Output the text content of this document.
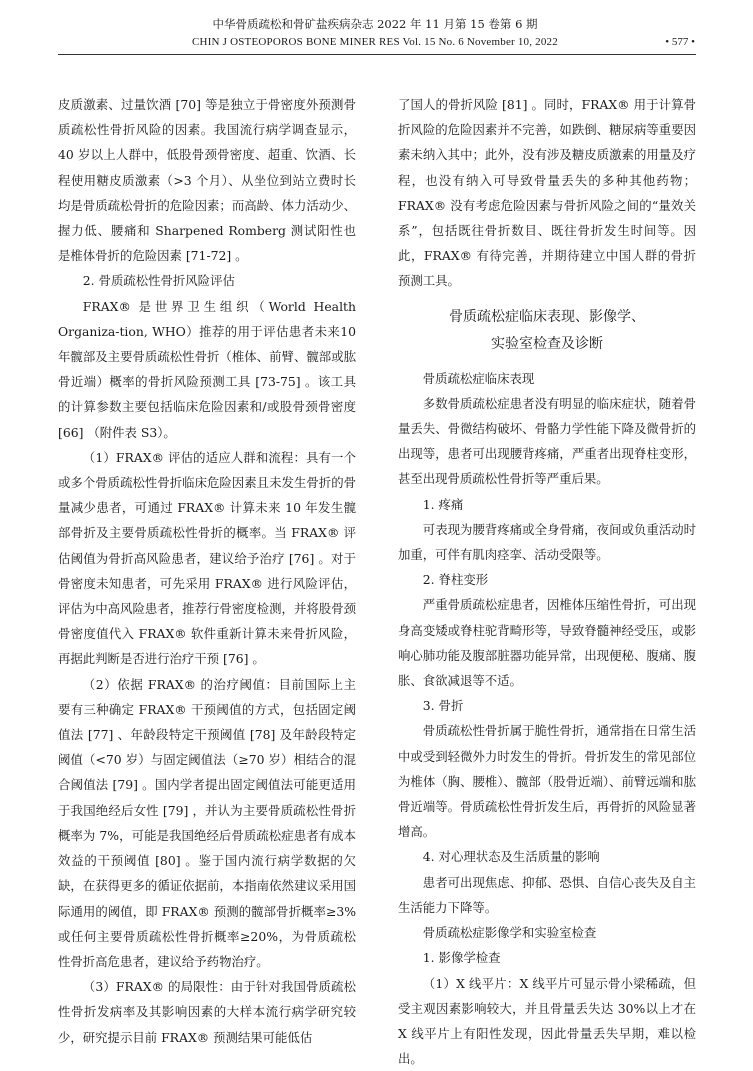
中华骨质疏松和骨矿盐疾病杂志 2022 年 11 月第 15 卷第 6 期
CHIN J OSTEOPOROS BONE MINER RES Vol. 15 No. 6 November 10, 2022	• 577 •

皮质激素、过量饮酒 [70] 等是独立于骨密度外预测骨质疏松性骨折风险的因素。我国流行病学调查显示，40 岁以上人群中，低股骨颈骨密度、超重、饮酒、长程使用糖皮质激素（>3 个月）、从坐位到站立费时长均是骨质疏松骨折的危险因素；而高龄、体力活动少、握力低、腰痛和 Sharpened Romberg 测试阳性也是椎体骨折的危险因素 [71-72] 。

2. 骨质疏松性骨折风险评估

FRAX® 是世界卫生组织（World Health Organiza-tion, WHO）推荐的用于评估患者未来10年髋部及主要骨质疏松性骨折（椎体、前臂、髋部或肱骨近端）概率的骨折风险预测工具 [73-75] 。该工具的计算参数主要包括临床危险因素和/或股骨颈骨密度 [66] （附件表 S3）。

（1）FRAX® 评估的适应人群和流程：具有一个或多个骨质疏松性骨折临床危险因素且未发生骨折的骨量减少患者，可通过 FRAX® 计算未来 10 年发生髋部骨折及主要骨质疏松性骨折的概率。当 FRAX® 评估阈值为骨折高风险患者，建议给予治疗 [76] 。对于骨密度未知患者，可先采用 FRAX® 进行风险评估，评估为中高风险患者，推荐行骨密度检测，并将股骨颈骨密度值代入 FRAX® 软件重新计算未来骨折风险，再据此判断是否进行治疗干预 [76] 。

（2）依据 FRAX® 的治疗阈值：目前国际上主要有三种确定 FRAX® 干预阈值的方式，包括固定阈值法 [77] 、年龄段特定干预阈值 [78] 及年龄段特定阈值（<70 岁）与固定阈值法（≥70 岁）相结合的混合阈值法 [79] 。国内学者提出固定阈值法可能更适用于我国绝经后女性 [79] ，并认为主要骨质疏松性骨折概率为 7%，可能是我国绝经后骨质疏松症患者有成本效益的干预阈值 [80] 。鉴于国内流行病学数据的欠缺，在获得更多的循证依据前，本指南依然建议采用国际通用的阈值，即 FRAX® 预测的髋部骨折概率≥3%或任何主要骨质疏松性骨折概率≥20%，为骨质疏松性骨折高危患者，建议给予药物治疗。

（3）FRAX® 的局限性：由于针对我国骨质疏松性骨折发病率及其影响因素的大样本流行病学研究较少，研究提示目前 FRAX® 预测结果可能低估

了国人的骨折风险 [81] 。同时，FRAX® 用于计算骨折风险的危险因素并不完善，如跌倒、糖尿病等重要因素未纳入其中；此外，没有涉及糖皮质激素的用量及疗程，也没有纳入可导致骨量丢失的多种其他药物；FRAX® 没有考虑危险因素与骨折风险之间的“量效关系”，包括既往骨折数目、既往骨折发生时间等。因此，FRAX® 有待完善，并期待建立中国人群的骨折预测工具。

骨质疏松症临床表现、影像学、
实验室检查及诊断

骨质疏松症临床表现

多数骨质疏松症患者没有明显的临床症状，随着骨量丢失、骨微结构破坏、骨骼力学性能下降及微骨折的出现等，患者可出现腰背疼痛，严重者出现脊柱变形，甚至出现骨质疏松性骨折等严重后果。

1. 疼痛

可表现为腰背疼痛或全身骨痛，夜间或负重活动时加重，可伴有肌肉痉挛、活动受限等。

2. 脊柱变形

严重骨质疏松症患者，因椎体压缩性骨折，可出现身高变矮或脊柱驼背畸形等，导致脊髓神经受压，或影响心肺功能及腹部脏器功能异常，出现便秘、腹痛、腹胀、食欲减退等不适。

3. 骨折

骨质疏松性骨折属于脆性骨折，通常指在日常生活中或受到轻微外力时发生的骨折。骨折发生的常见部位为椎体（胸、腰椎）、髋部（股骨近端）、前臂远端和肱骨近端等。骨质疏松性骨折发生后，再骨折的风险显著增高。

4. 对心理状态及生活质量的影响

患者可出现焦虑、抑郁、恐惧、自信心丧失及自主生活能力下降等。

骨质疏松症影像学和实验室检查

1. 影像学检查

（1）X 线平片：X 线平片可显示骨小梁稀疏，但受主观因素影响较大，并且骨量丢失达 30%以上才在 X 线平片上有阳性发现，因此骨量丢失早期，难以检出。
